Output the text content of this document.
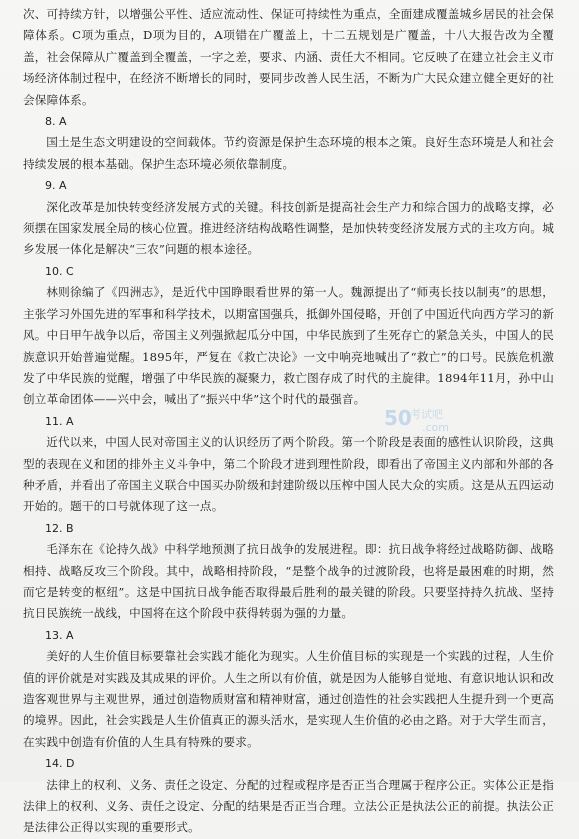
次、可持续方针，以增强公平性、适应流动性、保证可持续性为重点，全面建成覆盖城乡居民的社会保障体系。C项为重点，D项为目的，A项错在广覆盖上，十二五规划是广覆盖，十八大报告改为全覆盖，社会保障从广覆盖到全覆盖，一字之差，要求、内涵、责任大不相同。它反映了在建立社会主义市场经济体制过程中，在经济不断增长的同时，要同步改善人民生活，不断为广大民众建立健全更好的社会保障体系。

8. A

国土是生态文明建设的空间载体。节约资源是保护生态环境的根本之策。良好生态环境是人和社会持续发展的根本基础。保护生态环境必须依靠制度。

9. A

深化改革是加快转变经济发展方式的关键。科技创新是提高社会生产力和综合国力的战略支撑，必须摆在国家发展全局的核心位置。推进经济结构战略性调整，是加快转变经济发展方式的主攻方向。城乡发展一体化是解决“三农”问题的根本途径。

10. C

林则徐编了《四洲志》，是近代中国睁眼看世界的第一人。魏源提出了“师夷长技以制夷”的思想，主张学习外国先进的军事和科学技术，以期富国强兵，抵御外国侵略，开创了中国近代向西方学习的新风。中日甲午战争以后，帝国主义列强掀起瓜分中国，中华民族到了生死存亡的紧急关头，中国人的民族意识开始普遍觉醒。1895年，严复在《救亡决论》一文中响亮地喊出了“救亡”的口号。民族危机激发了中华民族的觉醒，增强了中华民族的凝聚力，救亡图存成了时代的主旋律。1894年11月，孙中山创立革命团体——兴中会，喊出了“振兴中华”这个时代的最强音。

11. A

近代以来，中国人民对帝国主义的认识经历了两个阶段。第一个阶段是表面的感性认识阶段，这典型的表现在义和团的排外主义斗争中，第二个阶段才进到理性阶段，即看出了帝国主义内部和外部的各种矛盾，并看出了帝国主义联合中国买办阶级和封建阶级以压榨中国人民大众的实质。这是从五四运动开始的。题干的口号就体现了这一点。

12. B

毛泽东在《论持久战》中科学地预测了抗日战争的发展进程。即：抗日战争将经过战略防御、战略相持、战略反攻三个阶段。其中，战略相持阶段，“是整个战争的过渡阶段，也将是最困难的时期，然而它是转变的枢纽”。这是中国抗日战争能否取得最后胜利的最关键的阶段。只要坚持持久抗战、坚持抗日民族统一战线，中国将在这个阶段中获得转弱为强的力量。

13. A

美好的人生价值目标要靠社会实践才能化为现实。人生价值目标的实现是一个实践的过程，人生价值的评价就是对实践及其成果的评价。人生之所以有价值，就是因为人能够自觉地、有意识地认识和改造客观世界与主观世界，通过创造物质财富和精神财富，通过创造性的社会实践把人生提升到一个更高的境界。因此，社会实践是人生价值真正的源头活水，是实现人生价值的必由之路。对于大学生而言，在实践中创造有价值的人生具有特殊的要求。

14. D

法律上的权利、义务、责任之设定、分配的过程或程序是否正当合理属于程序公正。实体公正是指法律上的权利、义务、责任之设定、分配的结果是否正当合理。立法公正是执法公正的前提。执法公正是法律公正得以实现的重要形式。

50
考试吧
.com
